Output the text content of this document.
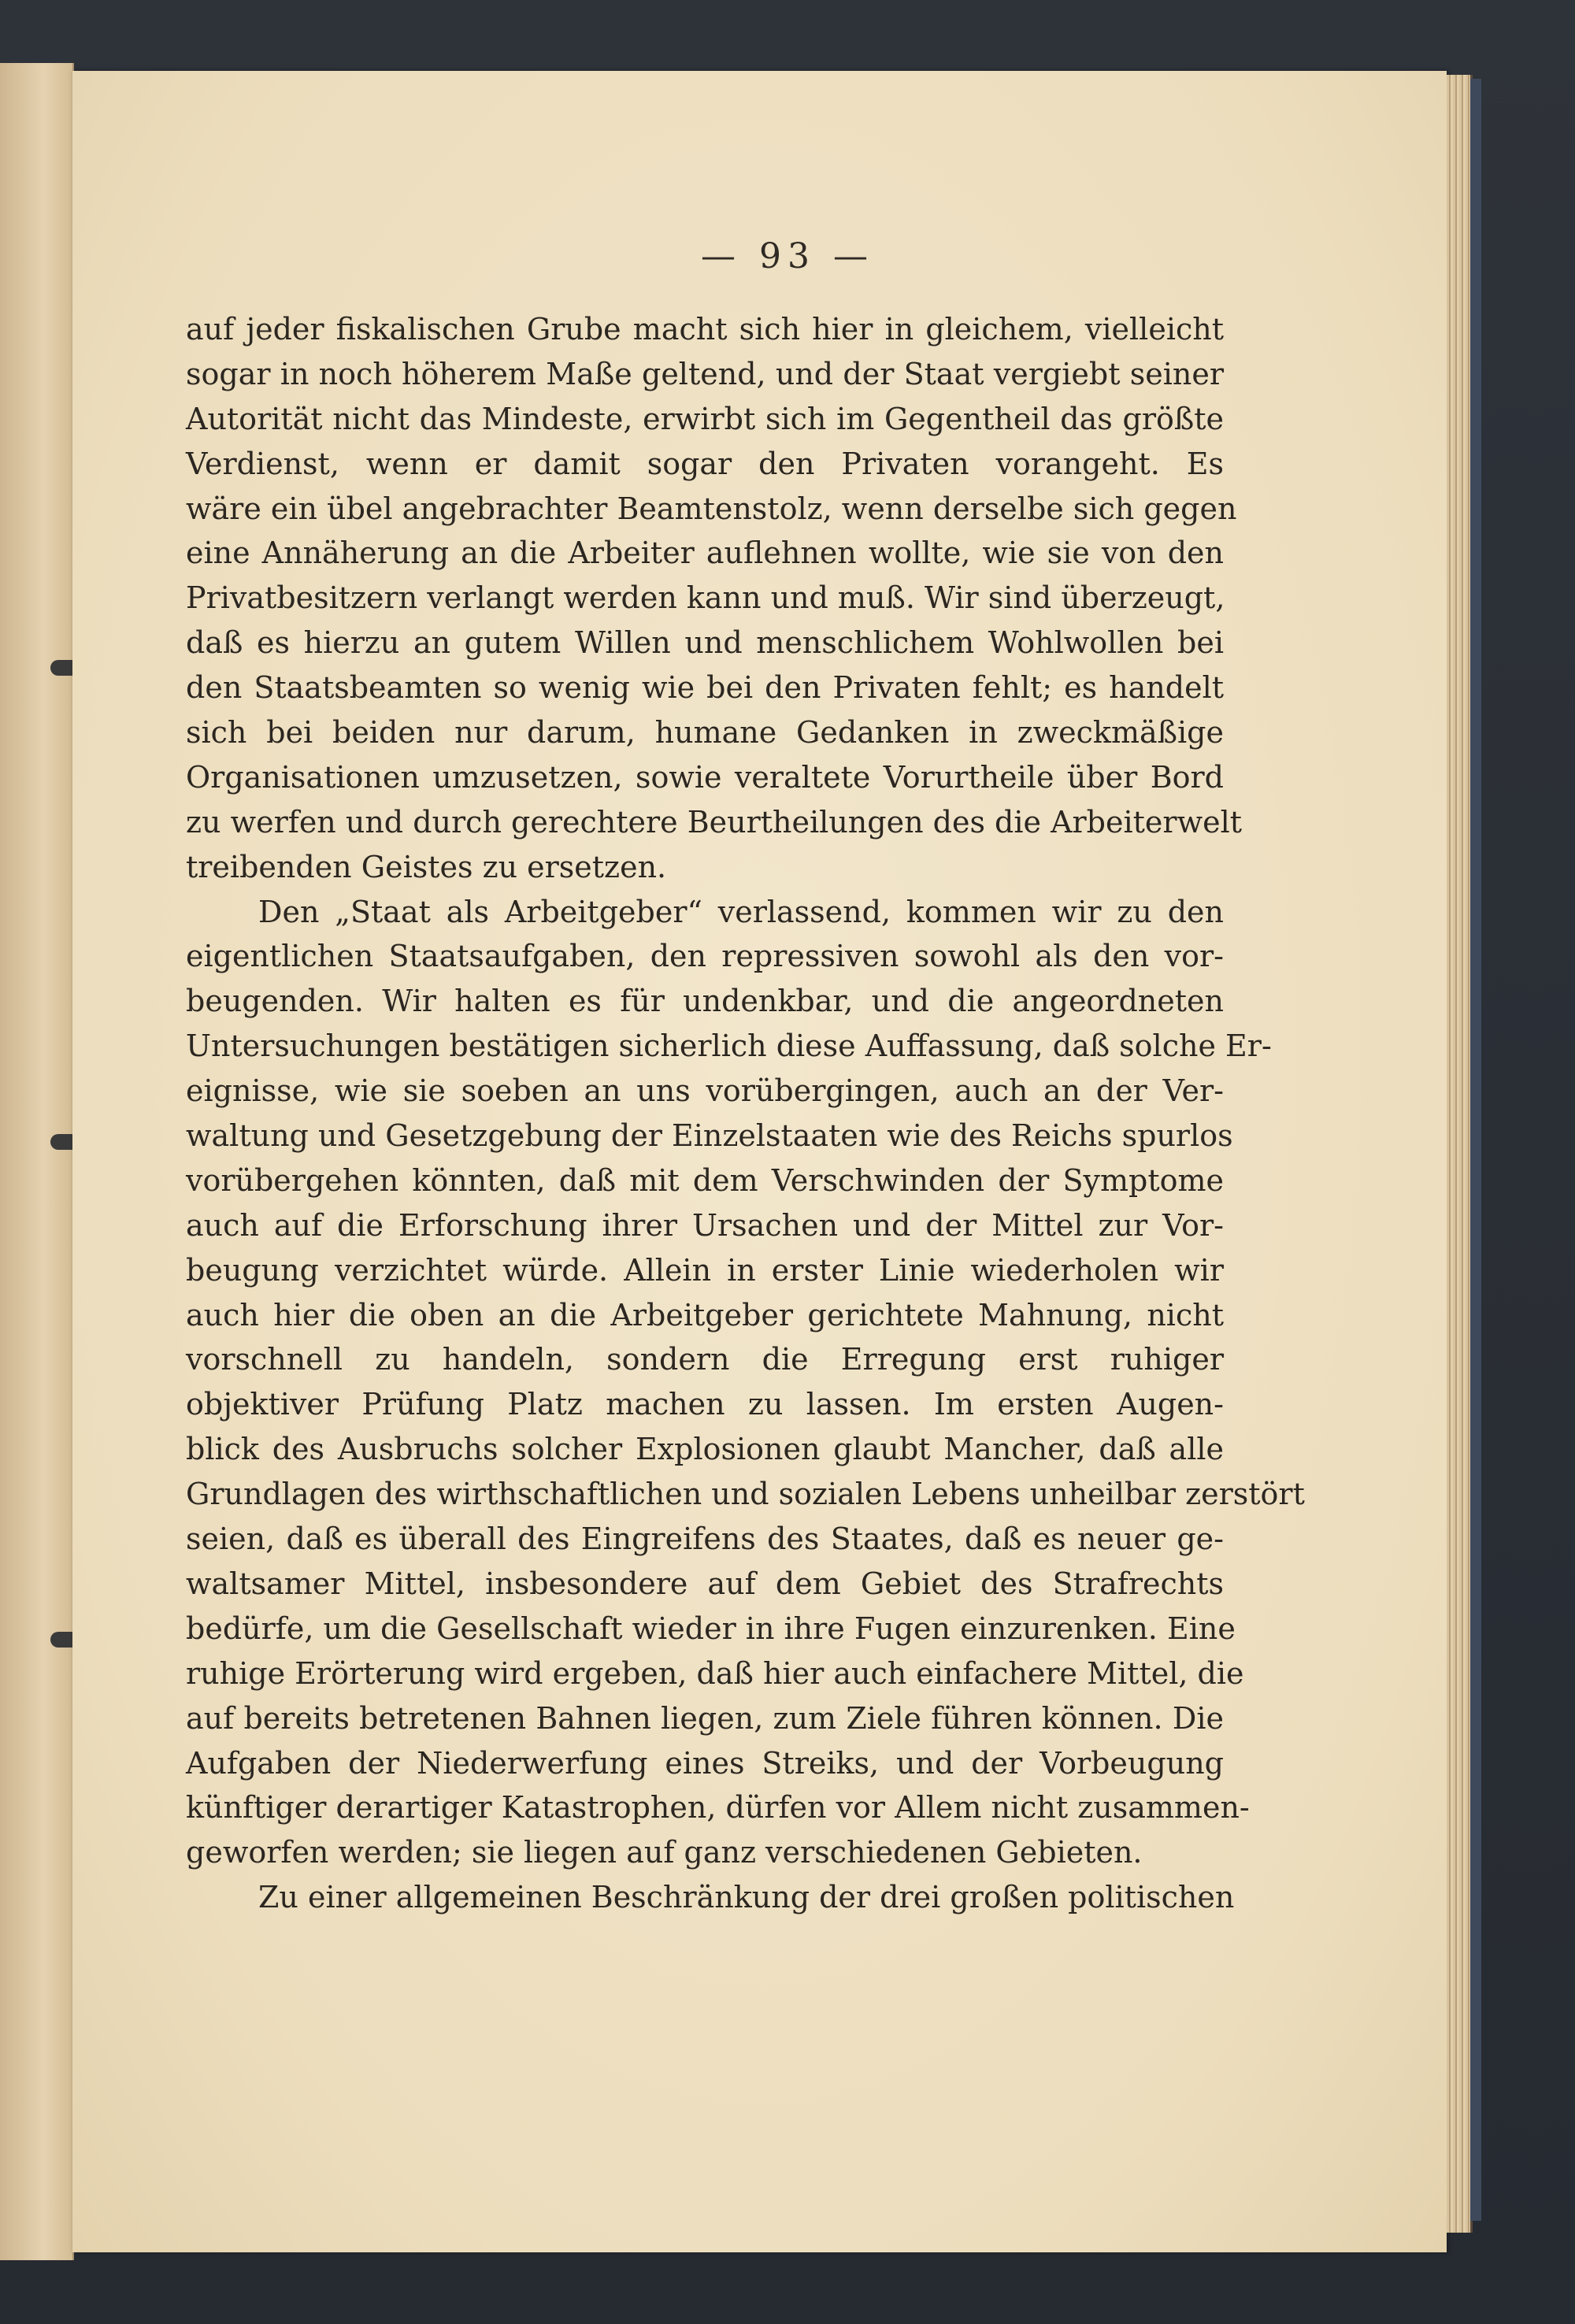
— 93 —
auf jeder fiskalischen Grube macht sich hier in gleichem, vielleicht
sogar in noch höherem Maße geltend, und der Staat vergiebt seiner
Autorität nicht das Mindeste, erwirbt sich im Gegentheil das größte
Verdienst, wenn er damit sogar den Privaten vorangeht. Es
wäre ein übel angebrachter Beamtenstolz, wenn derselbe sich gegen
eine Annäherung an die Arbeiter auflehnen wollte, wie sie von den
Privatbesitzern verlangt werden kann und muß. Wir sind überzeugt,
daß es hierzu an gutem Willen und menschlichem Wohlwollen bei
den Staatsbeamten so wenig wie bei den Privaten fehlt; es handelt
sich bei beiden nur darum, humane Gedanken in zweckmäßige
Organisationen umzusetzen, sowie veraltete Vorurtheile über Bord
zu werfen und durch gerechtere Beurtheilungen des die Arbeiterwelt
treibenden Geistes zu ersetzen.
Den „Staat als Arbeitgeber“ verlassend, kommen wir zu den
eigentlichen Staatsaufgaben, den repressiven sowohl als den vor-
beugenden. Wir halten es für undenkbar, und die angeordneten
Untersuchungen bestätigen sicherlich diese Auffassung, daß solche Er-
eignisse, wie sie soeben an uns vorübergingen, auch an der Ver-
waltung und Gesetzgebung der Einzelstaaten wie des Reichs spurlos
vorübergehen könnten, daß mit dem Verschwinden der Symptome
auch auf die Erforschung ihrer Ursachen und der Mittel zur Vor-
beugung verzichtet würde. Allein in erster Linie wiederholen wir
auch hier die oben an die Arbeitgeber gerichtete Mahnung, nicht
vorschnell zu handeln, sondern die Erregung erst ruhiger
objektiver Prüfung Platz machen zu lassen. Im ersten Augen-
blick des Ausbruchs solcher Explosionen glaubt Mancher, daß alle
Grundlagen des wirthschaftlichen und sozialen Lebens unheilbar zerstört
seien, daß es überall des Eingreifens des Staates, daß es neuer ge-
waltsamer Mittel, insbesondere auf dem Gebiet des Strafrechts
bedürfe, um die Gesellschaft wieder in ihre Fugen einzurenken. Eine
ruhige Erörterung wird ergeben, daß hier auch einfachere Mittel, die
auf bereits betretenen Bahnen liegen, zum Ziele führen können. Die
Aufgaben der Niederwerfung eines Streiks, und der Vorbeugung
künftiger derartiger Katastrophen, dürfen vor Allem nicht zusammen-
geworfen werden; sie liegen auf ganz verschiedenen Gebieten.
Zu einer allgemeinen Beschränkung der drei großen politischen
